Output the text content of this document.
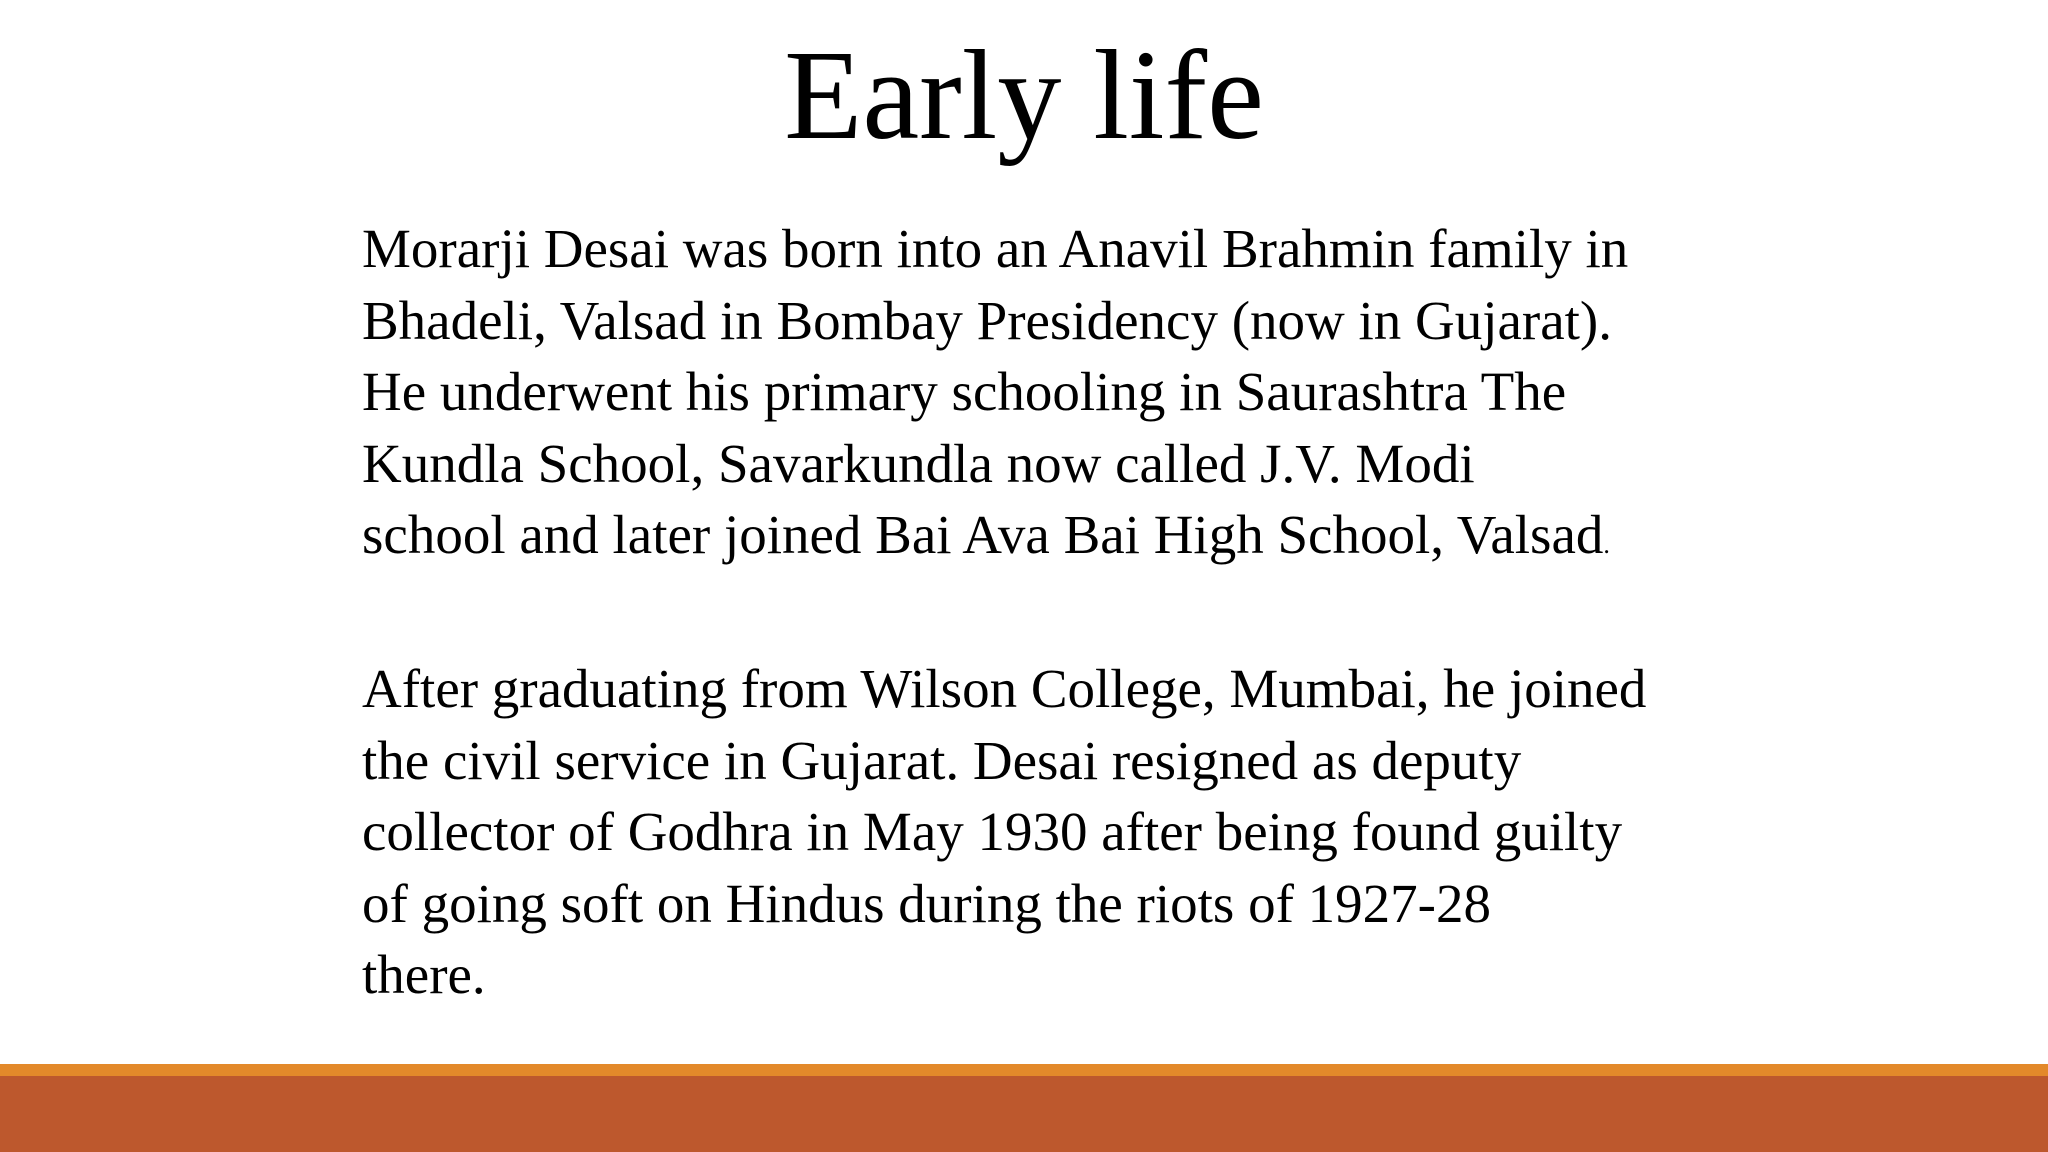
Early life

Morarji Desai was born into an Anavil Brahmin family in
Bhadeli, Valsad in Bombay Presidency (now in Gujarat).
He underwent his primary schooling in Saurashtra The
Kundla School, Savarkundla now called J.V. Modi
school and later joined Bai Ava Bai High School, Valsad.

After graduating from Wilson College, Mumbai, he joined
the civil service in Gujarat. Desai resigned as deputy
collector of Godhra in May 1930 after being found guilty
of going soft on Hindus during the riots of 1927-28
there.
